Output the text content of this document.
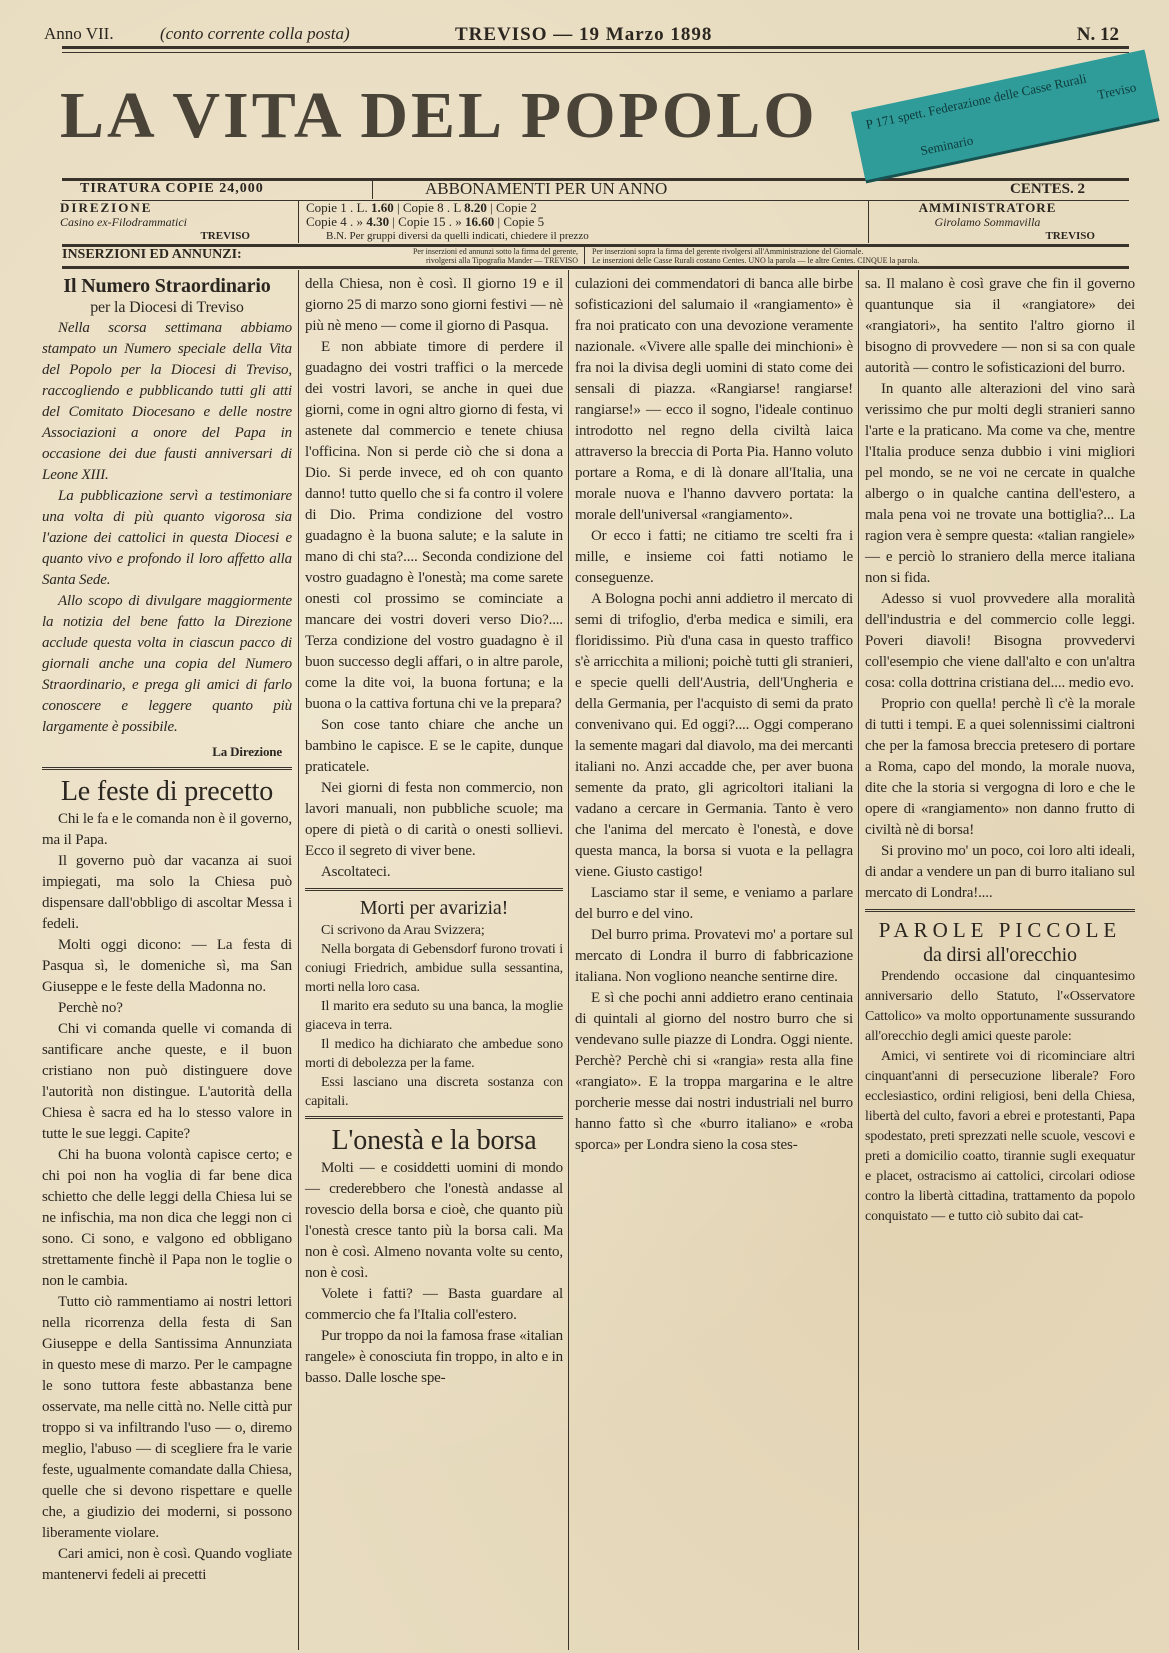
Anno VII.	(conto corrente colla posta)	TREVISO — 19 Marzo 1898	N. 12
LA VITA DEL POPOLO
TIRATURA COPIE 24,000	ABBONAMENTI PER UN ANNO	CENTES. 2
DIREZIONE
Casino ex-Filodrammatici
TREVISO
Copie 1 . L. 1.60 | Copie 8 . L 8.20 | Copie 2
Copie 4 . » 4.30 | Copie 15 . » 16.60 | Copie 5
B.N. Per gruppi diversi da quelli indicati, chiedere il prezzo
AMMINISTRATORE
Girolamo Sommavilla
TREVISO
INSERZIONI ED ANNUNZI:	Per inserzioni ed annunzi sotto la firma del gerente,
rivolgersi alla Tipografia Mander — TREVISO
Per inserzioni sopra la firma del gerente rivolgersi all'Amministrazione del Giornale.
Le inserzioni delle Casse Rurali costano Centes. UNO la parola — le altre Centes. CINQUE la parola.
P 171 spett. Federazione delle Casse Rurali Treviso
Seminario
Il Numero Straordinario
per la Diocesi di Treviso

Nella scorsa settimana abbiamo stampato un Numero speciale della Vita del Popolo per la Diocesi di Treviso, raccogliendo e pubblicando tutti gli atti del Comitato Diocesano e delle nostre Associazioni a onore del Papa in occasione dei due fausti anniversari di Leone XIII.

La pubblicazione servì a testimoniare una volta di più quanto vigorosa sia l'azione dei cattolici in questa Diocesi e quanto vivo e profondo il loro affetto alla Santa Sede.

Allo scopo di divulgare maggiormente la notizia del bene fatto la Direzione acclude questa volta in ciascun pacco di giornali anche una copia del Numero Straordinario, e prega gli amici di farlo conoscere e leggere quanto più largamente è possibile.

La Direzione
Le feste di precetto

Chi le fa e le comanda non è il governo, ma il Papa.

Il governo può dar vacanza ai suoi impiegati, ma solo la Chiesa può dispensare dall'obbligo di ascoltar Messa i fedeli.

Molti oggi dicono: — La festa di Pasqua sì, le domeniche sì, ma San Giuseppe e le feste della Madonna no.

Perchè no?

Chi vi comanda quelle vi comanda di santificare anche queste, e il buon cristiano non può distinguere dove l'autorità non distingue. L'autorità della Chiesa è sacra ed ha lo stesso valore in tutte le sue leggi. Capite?

Chi ha buona volontà capisce certo; e chi poi non ha voglia di far bene dica schietto che delle leggi della Chiesa lui se ne infischia, ma non dica che leggi non ci sono. Ci sono, e valgono ed obbligano strettamente finchè il Papa non le toglie o non le cambia.

Tutto ciò rammentiamo ai nostri lettori nella ricorrenza della festa di San Giuseppe e della Santissima Annunziata in questo mese di marzo. Per le campagne le sono tuttora feste abbastanza bene osservate, ma nelle città no. Nelle città pur troppo si va infiltrando l'uso — o, diremo meglio, l'abuso — di scegliere fra le varie feste, ugualmente comandate dalla Chiesa, quelle che si devono rispettare e quelle che, a giudizio dei moderni, si possono liberamente violare.

Cari amici, non è così. Quando vogliate mantenervi fedeli ai precetti

della Chiesa, non è così. Il giorno 19 e il giorno 25 di marzo sono giorni festivi — nè più nè meno — come il giorno di Pasqua.

E non abbiate timore di perdere il guadagno dei vostri traffici o la mercede dei vostri lavori, se anche in quei due giorni, come in ogni altro giorno di festa, vi astenete dal commercio e tenete chiusa l'officina. Non si perde ciò che si dona a Dio. Si perde invece, ed oh con quanto danno! tutto quello che si fa contro il volere di Dio. Prima condizione del vostro guadagno è la buona salute; e la salute in mano di chi sta?.... Seconda condizione del vostro guadagno è l'onestà; ma come sarete onesti col prossimo se cominciate a mancare dei vostri doveri verso Dio?.... Terza condizione del vostro guadagno è il buon successo degli affari, o in altre parole, come la dite voi, la buona fortuna; e la buona o la cattiva fortuna chi ve la prepara?

Son cose tanto chiare che anche un bambino le capisce. E se le capite, dunque praticatele.

Nei giorni di festa non commercio, non lavori manuali, non pubbliche scuole; ma opere di pietà o di carità o onesti sollievi. Ecco il segreto di viver bene.

Ascoltateci.

Morti per avarizia!

Ci scrivono da Arau Svizzera;

Nella borgata di Gebensdorf furono trovati i coniugi Friedrich, ambidue sulla sessantina, morti nella loro casa.

Il marito era seduto su una banca, la moglie giaceva in terra.

Il medico ha dichiarato che ambedue sono morti di debolezza per la fame.

Essi lasciano una discreta sostanza con capitali.

L'onestà e la borsa

Molti — e cosiddetti uomini di mondo — crederebbero che l'onestà andasse al rovescio della borsa e cioè, che quanto più l'onestà cresce tanto più la borsa cali. Ma non è così. Almeno novanta volte su cento, non è così.

Volete i fatti? — Basta guardare al commercio che fa l'Italia coll'estero.

Pur troppo da noi la famosa frase «italian rangele» è conosciuta fin troppo, in alto e in basso. Dalle losche spe-

culazioni dei commendatori di banca alle birbe sofisticazioni del salumaio il «rangiamento» è fra noi praticato con una devozione veramente nazionale. «Vivere alle spalle dei minchioni» è fra noi la divisa degli uomini di stato come dei sensali di piazza. «Rangiarse! rangiarse! rangiarse!» — ecco il sogno, l'ideale continuo introdotto nel regno della civiltà laica attraverso la breccia di Porta Pia. Hanno voluto portare a Roma, e di là donare all'Italia, una morale nuova e l'hanno davvero portata: la morale dell'universal «rangiamento».

Or ecco i fatti; ne citiamo tre scelti fra i mille, e insieme coi fatti notiamo le conseguenze.

A Bologna pochi anni addietro il mercato di semi di trifoglio, d'erba medica e simili, era floridissimo. Più d'una casa in questo traffico s'è arricchita a milioni; poichè tutti gli stranieri, e specie quelli dell'Austria, dell'Ungheria e della Germania, per l'acquisto di semi da prato convenivano qui. Ed oggi?.... Oggi comperano la semente magari dal diavolo, ma dei mercanti italiani no. Anzi accadde che, per aver buona semente da prato, gli agricoltori italiani la vadano a cercare in Germania. Tanto è vero che l'anima del mercato è l'onestà, e dove questa manca, la borsa si vuota e la pellagra viene. Giusto castigo!

Lasciamo star il seme, e veniamo a parlare del burro e del vino.

Del burro prima. Provatevi mo' a portare sul mercato di Londra il burro di fabbricazione italiana. Non vogliono neanche sentirne dire.

E sì che pochi anni addietro erano centinaia di quintali al giorno del nostro burro che si vendevano sulle piazze di Londra. Oggi niente. Perchè? Perchè chi si «rangia» resta alla fine «rangiato». E la troppa margarina e le altre porcherie messe dai nostri industriali nel burro hanno fatto sì che «burro italiano» e «roba sporca» per Londra sieno la cosa stes-

sa. Il malano è così grave che fin il governo quantunque sia il «rangiatore» dei «rangiatori», ha sentito l'altro giorno il bisogno di provvedere — non si sa con quale autorità — contro le sofisticazioni del burro.

In quanto alle alterazioni del vino sarà verissimo che pur molti degli stranieri sanno l'arte e la praticano. Ma come va che, mentre l'Italia produce senza dubbio i vini migliori pel mondo, se ne voi ne cercate in qualche albergo o in qualche cantina dell'estero, a mala pena voi ne trovate una bottiglia?... La ragion vera è sempre questa: «talian rangiele» — e perciò lo straniero della merce italiana non si fida.

Adesso si vuol provvedere alla moralità dell'industria e del commercio colle leggi. Poveri diavoli! Bisogna provvedervi coll'esempio che viene dall'alto e con un'altra cosa: colla dottrina cristiana del.... medio evo.

Proprio con quella! perchè lì c'è la morale di tutti i tempi. E a quei solennissimi cialtroni che per la famosa breccia pretesero di portare a Roma, capo del mondo, la morale nuova, dite che la storia si vergogna di loro e che le opere di «rangiamento» non danno frutto di civiltà nè di borsa!

Si provino mo' un poco, coi loro alti ideali, di andar a vendere un pan di burro italiano sul mercato di Londra!....

PAROLE PICCOLE
da dirsi all'orecchio

Prendendo occasione dal cinquantesimo anniversario dello Statuto, l'«Osservatore Cattolico» va molto opportunamente sussurando all'orecchio degli amici queste parole:

Amici, vi sentirete voi di ricominciare altri cinquant'anni di persecuzione liberale? Foro ecclesiastico, ordini religiosi, beni della Chiesa, libertà del culto, favori a ebrei e protestanti, Papa spodestato, preti sprezzati nelle scuole, vescovi e preti a domicilio coatto, tirannie sugli exequatur e placet, ostracismo ai cattolici, circolari odiose contro la libertà cittadina, trattamento da popolo conquistato — e tutto ciò subito dai cat-
